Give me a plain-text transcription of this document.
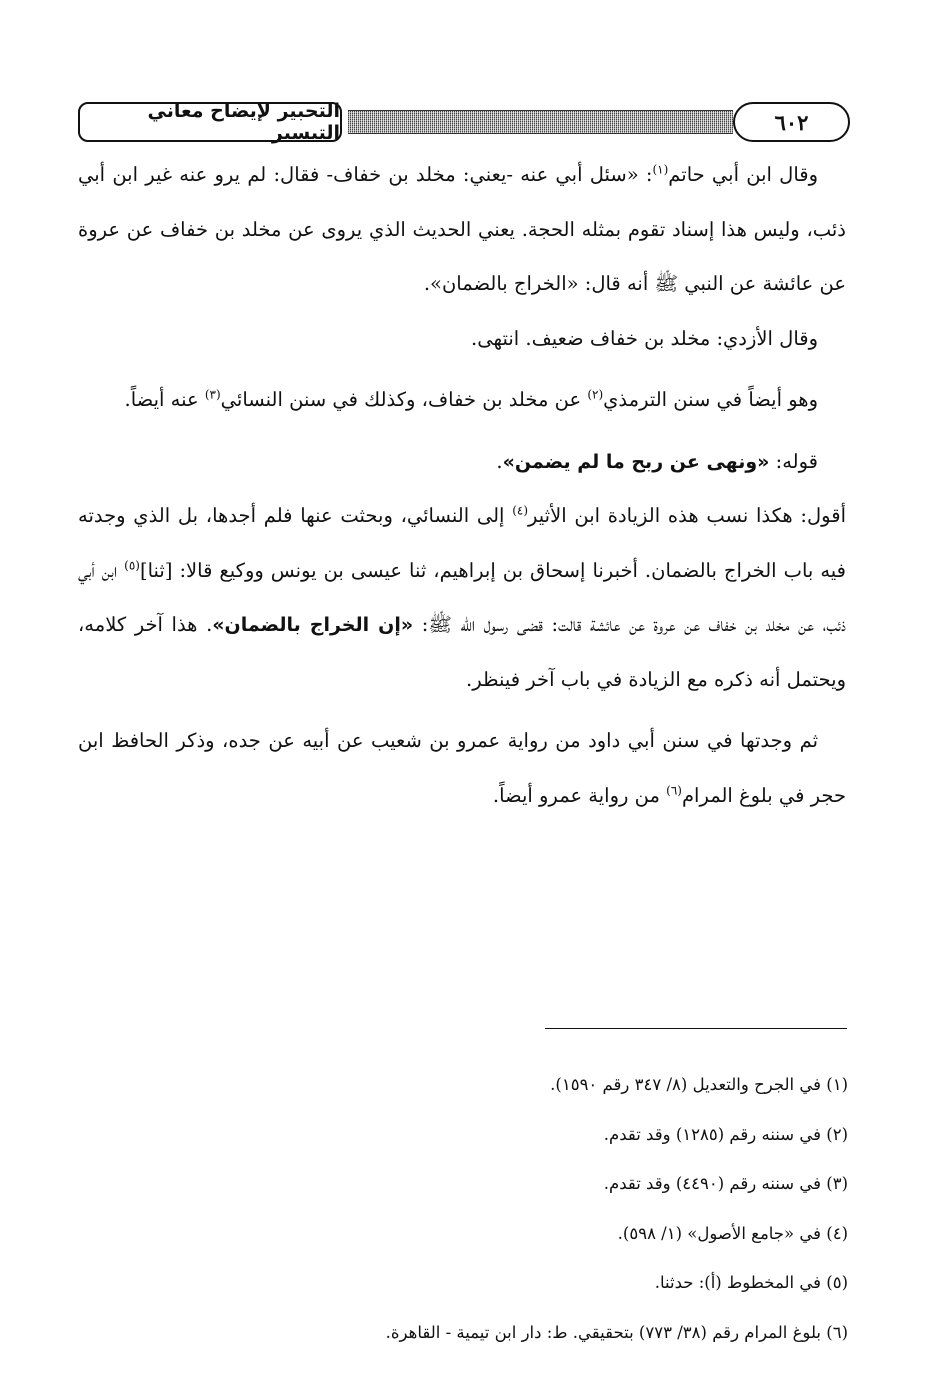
التحبير لإيضاح معاني التيسير	٦٠٢

وقال ابن أبي حاتم$^{(١)}$: «سئل أبي عنه -يعني: مخلد بن خفاف- فقال: لم يرو عنه غير ابن أبي ذئب، وليس هذا إسناد تقوم بمثله الحجة. يعني الحديث الذي يروى عن مخلد بن خفاف عن عروة عن عائشة عن النبي ﷺ أنه قال: «الخراج بالضمان».

وقال الأزدي: مخلد بن خفاف ضعيف. انتهى.

وهو أيضاً في سنن الترمذي$^{(٢)}$ عن مخلد بن خفاف، وكذلك في سنن النسائي$^{(٣)}$ عنه أيضاً.

قوله: «ونهى عن ربح ما لم يضمن».

أقول: هكذا نسب هذه الزيادة ابن الأثير$^{(٤)}$ إلى النسائي، وبحثت عنها فلم أجدها، بل الذي وجدته فيه باب الخراج بالضمان. أخبرنا إسحاق بن إبراهيم، ثنا عيسى بن يونس ووكيع قالا: [ثنا]$^{(٥)}$ ابن أبي ذئب، عن مخلد بن خفاف عن عروة عن عائشة قالت: قضى رسول الله ﷺ: «إن الخراج بالضمان». هذا آخر كلامه، ويحتمل أنه ذكره مع الزيادة في باب آخر فينظر.

ثم وجدتها في سنن أبي داود من رواية عمرو بن شعيب عن أبيه عن جده، وذكر الحافظ ابن حجر في بلوغ المرام$^{(٦)}$ من رواية عمرو أيضاً.

(١) في الجرح والتعديل (٨/ ٣٤٧ رقم ١٥٩٠).
(٢) في سننه رقم (١٢٨٥) وقد تقدم.
(٣) في سننه رقم (٤٤٩٠) وقد تقدم.
(٤) في «جامع الأصول» (١/ ٥٩٨).
(٥) في المخطوط (أ): حدثنا.
(٦) بلوغ المرام رقم (٣٨/ ٧٧٣) بتحقيقي. ط: دار ابن تيمية - القاهرة.
